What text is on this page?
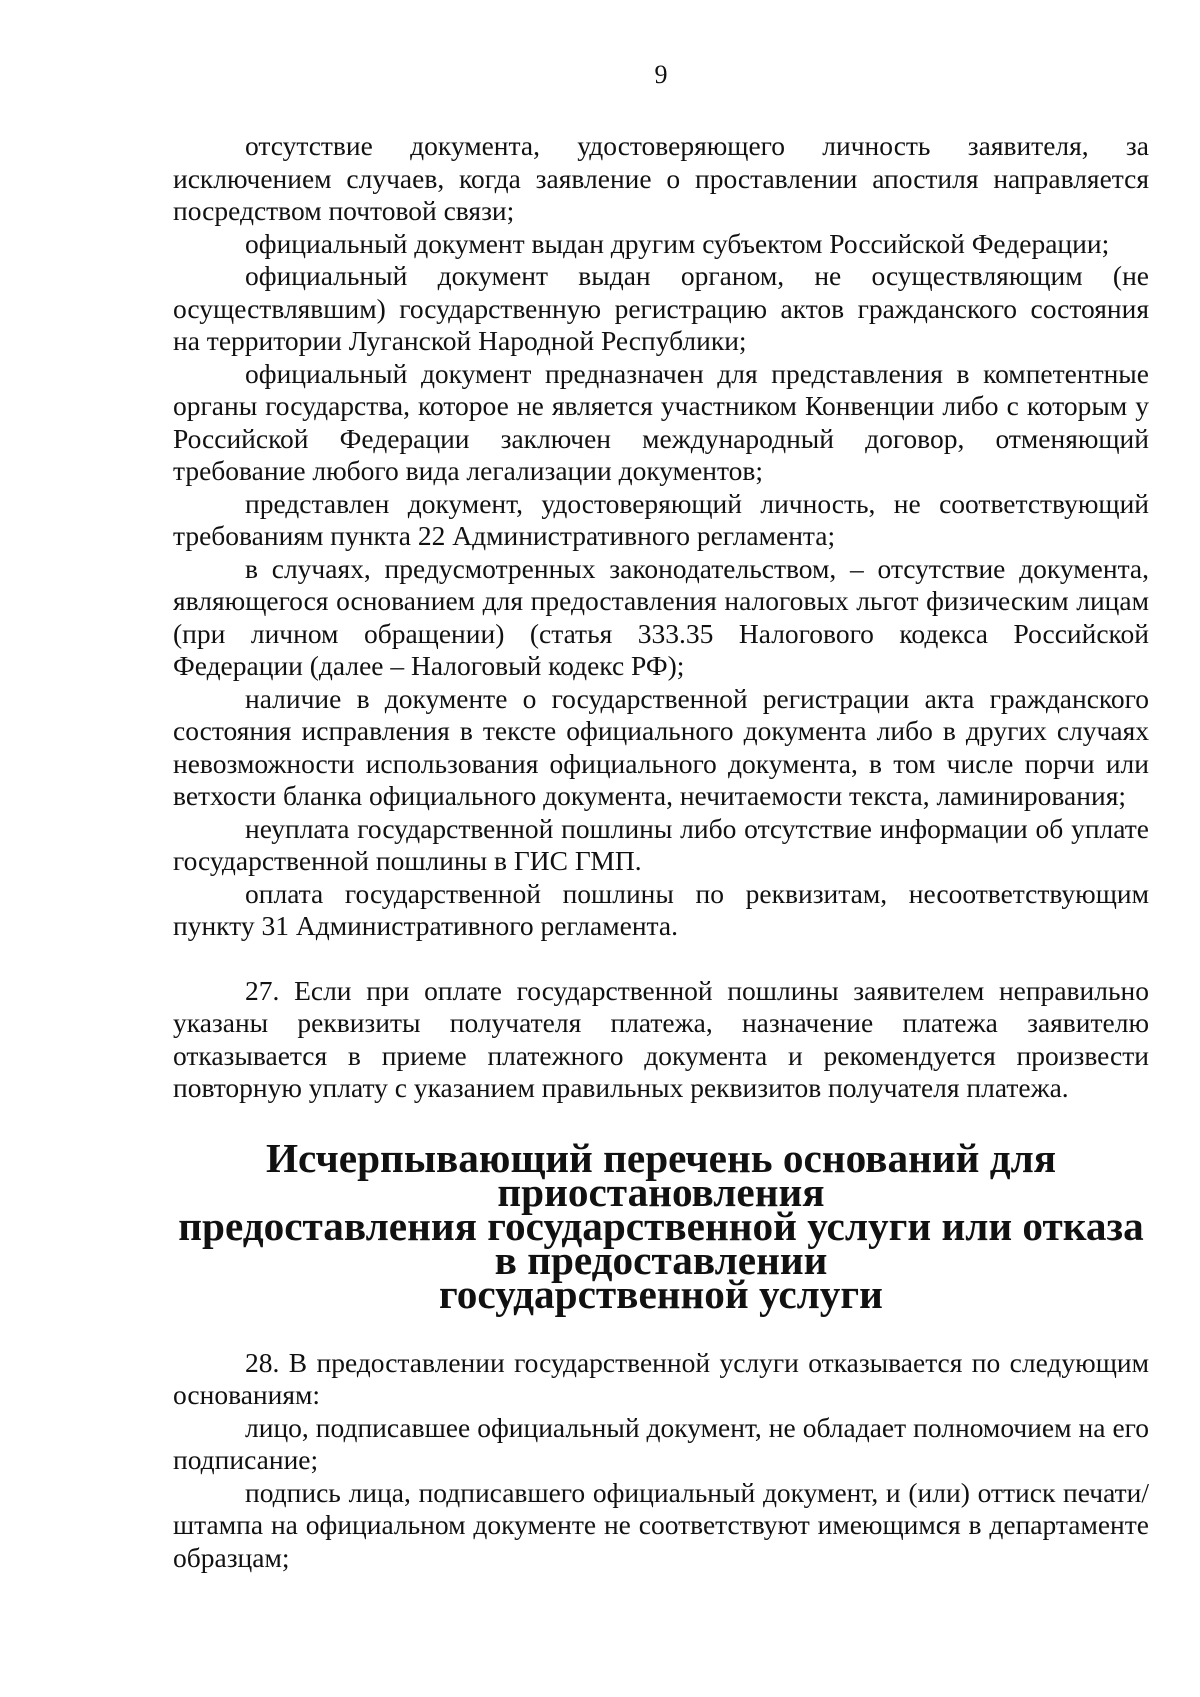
9

отсутствие документа, удостоверяющего личность заявителя, за исключением случаев, когда заявление о проставлении апостиля направляется посредством почтовой связи;

официальный документ выдан другим субъектом Российской Федерации;

официальный документ выдан органом, не осуществляющим (не осуществлявшим) государственную регистрацию актов гражданского состояния на территории Луганской Народной Республики;

официальный документ предназначен для представления в компетентные органы государства, которое не является участником Конвенции либо с которым у Российской Федерации заключен международный договор, отменяющий требование любого вида легализации документов;

представлен документ, удостоверяющий личность, не соответствующий требованиям пункта 22 Административного регламента;

в случаях, предусмотренных законодательством, – отсутствие документа, являющегося основанием для предоставления налоговых льгот физическим лицам (при личном обращении) (статья 333.35 Налогового кодекса Российской Федерации (далее – Налоговый кодекс РФ);

наличие в документе о государственной регистрации акта гражданского состояния исправления в тексте официального документа либо в других случаях невозможности использования официального документа, в том числе порчи или ветхости бланка официального документа, нечитаемости текста, ламинирования;

неуплата государственной пошлины либо отсутствие информации об уплате государственной пошлины в ГИС ГМП.

оплата государственной пошлины по реквизитам, несоответствующим пункту 31 Административного регламента.

27. Если при оплате государственной пошлины заявителем неправильно указаны реквизиты получателя платежа, назначение платежа заявителю отказывается в приеме платежного документа и рекомендуется произвести повторную уплату с указанием правильных реквизитов получателя платежа.

Исчерпывающий перечень оснований для приостановления
предоставления государственной услуги или отказа в предоставлении
государственной услуги

28. В предоставлении государственной услуги отказывается по следующим основаниям:

лицо, подписавшее официальный документ, не обладает полномочием на его подписание;

подпись лица, подписавшего официальный документ, и (или) оттиск печати/штампа на официальном документе не соответствуют имеющимся в департаменте образцам;
